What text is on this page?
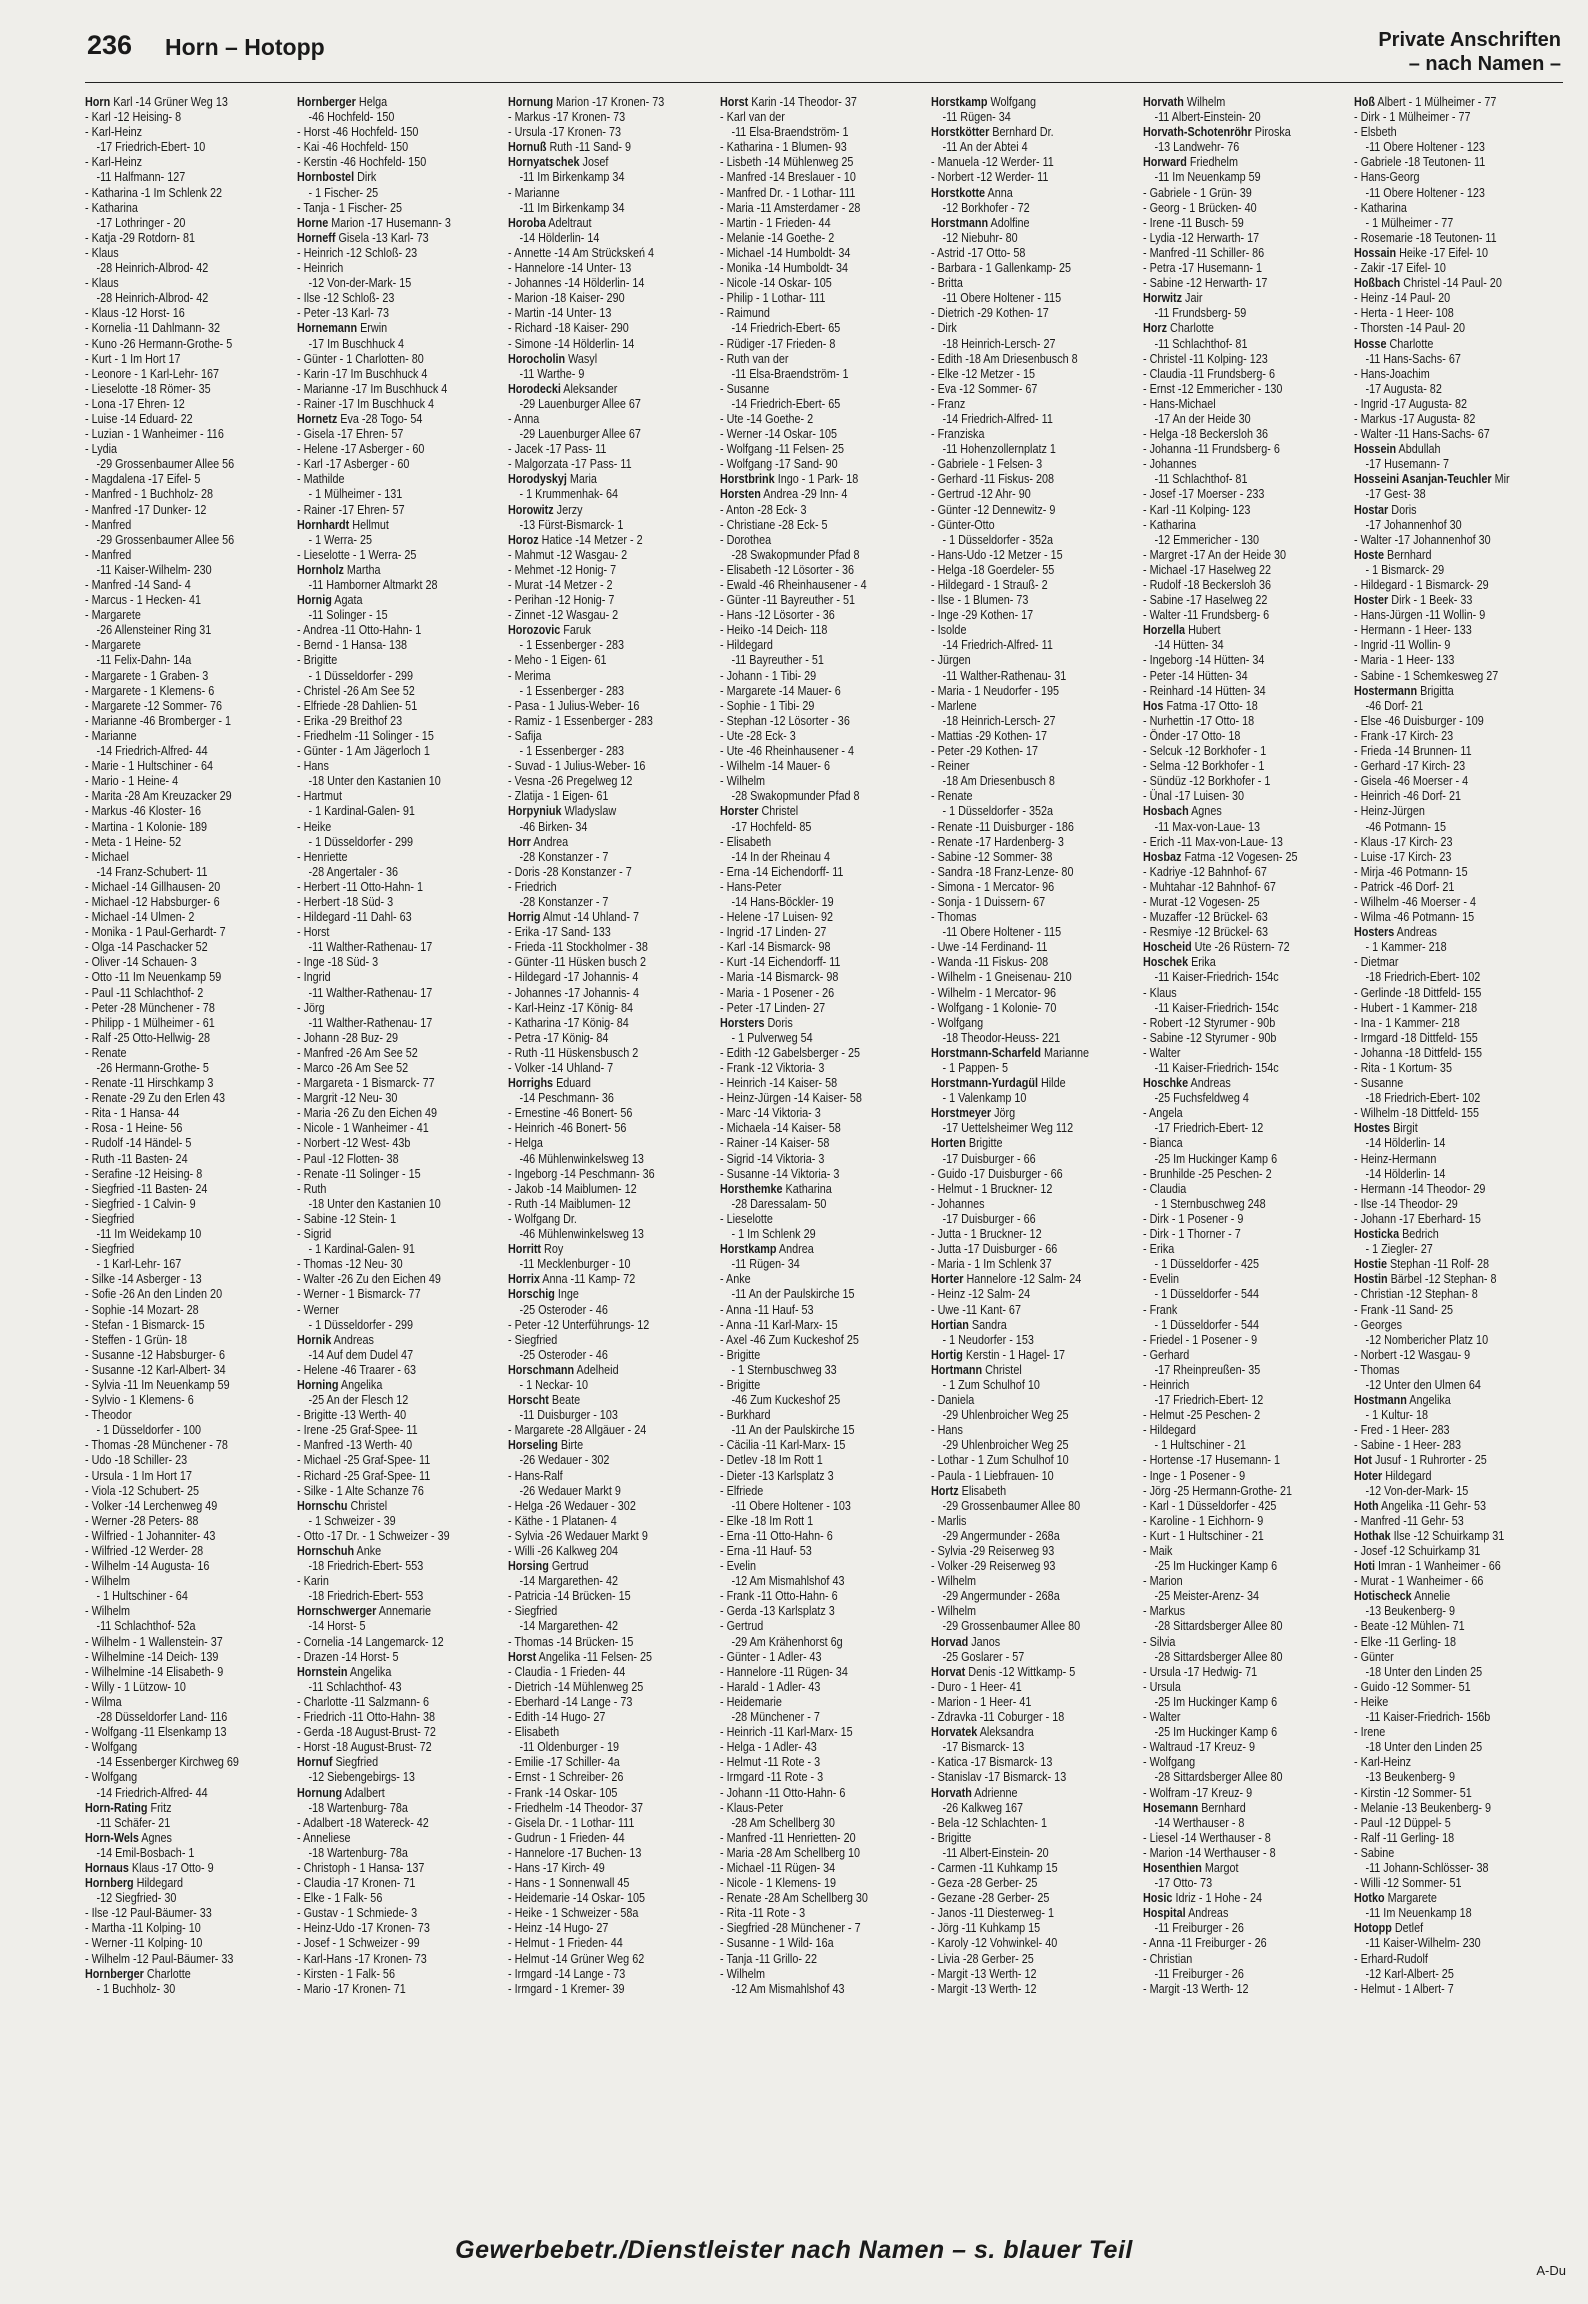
236 Horn – Hotopp	Private Anschriften
– nach Namen –
Horn Karl -14 Grüner Weg 13
- Karl -12 Heising- 8
- Karl-Heinz
-17 Friedrich-Ebert- 10
- Karl-Heinz
-11 Halfmann- 127
- Katharina -1 Im Schlenk 22
- Katharina
-17 Lothringer - 20
- Katja -29 Rotdorn- 81
- Klaus
-28 Heinrich-Albrod- 42
- Klaus
-28 Heinrich-Albrod- 42
- Klaus -12 Horst- 16
- Kornelia -11 Dahlmann- 32
- Kuno -26 Hermann-Grothe- 5
- Kurt - 1 Im Hort 17
- Leonore - 1 Karl-Lehr- 167
- Lieselotte -18 Römer- 35
- Lona -17 Ehren- 12
- Luise -14 Eduard- 22
- Luzian - 1 Wanheimer - 116
- Lydia
-29 Grossenbaumer Allee 56
- Magdalena -17 Eifel- 5
- Manfred - 1 Buchholz- 28
- Manfred -17 Dunker- 12
- Manfred
-29 Grossenbaumer Allee 56
- Manfred
-11 Kaiser-Wilhelm- 230
- Manfred -14 Sand- 4
- Marcus - 1 Hecken- 41
- Margarete
-26 Allensteiner Ring 31
- Margarete
-11 Felix-Dahn- 14a
- Margarete - 1 Graben- 3
- Margarete - 1 Klemens- 6
- Margarete -12 Sommer- 76
- Marianne -46 Bromberger - 1
- Marianne
-14 Friedrich-Alfred- 44
- Marie - 1 Hultschiner - 64
- Mario - 1 Heine- 4
- Marita -28 Am Kreuzacker 29
- Markus -46 Kloster- 16
- Martina - 1 Kolonie- 189
- Meta - 1 Heine- 52
- Michael
-14 Franz-Schubert- 11
- Michael -14 Gillhausen- 20
- Michael -12 Habsburger- 6
- Michael -14 Ulmen- 2
- Monika - 1 Paul-Gerhardt- 7
- Olga -14 Paschacker 52
- Oliver -14 Schauen- 3
- Otto -11 Im Neuenkamp 59
- Paul -11 Schlachthof- 2
- Peter -28 Münchener - 78
- Philipp - 1 Mülheimer - 61
- Ralf -25 Otto-Hellwig- 28
- Renate
-26 Hermann-Grothe- 5
- Renate -11 Hirschkamp 3
- Renate -29 Zu den Erlen 43
- Rita - 1 Hansa- 44
- Rosa - 1 Heine- 56
- Rudolf -14 Händel- 5
- Ruth -11 Basten- 24
- Serafine -12 Heising- 8
- Siegfried -11 Basten- 24
- Siegfried - 1 Calvin- 9
- Siegfried
-11 Im Weidekamp 10
- Siegfried
- 1 Karl-Lehr- 167
- Silke -14 Asberger - 13
- Sofie -26 An den Linden 20
- Sophie -14 Mozart- 28
- Stefan - 1 Bismarck- 15
- Steffen - 1 Grün- 18
- Susanne -12 Habsburger- 6
- Susanne -12 Karl-Albert- 34
- Sylvia -11 Im Neuenkamp 59
- Sylvio - 1 Klemens- 6
- Theodor
- 1 Düsseldorfer - 100
- Thomas -28 Münchener - 78
- Udo -18 Schiller- 23
- Ursula - 1 Im Hort 17
- Viola -12 Schubert- 25
- Volker -14 Lerchenweg 49
- Werner -28 Peters- 88
- Wilfried - 1 Johanniter- 43
- Wilfried -12 Werder- 28
- Wilhelm -14 Augusta- 16
- Wilhelm
- 1 Hultschiner - 64
- Wilhelm
-11 Schlachthof- 52a
- Wilhelm - 1 Wallenstein- 37
- Wilhelmine -14 Deich- 139
- Wilhelmine -14 Elisabeth- 9
- Willy - 1 Lützow- 10
- Wilma
-28 Düsseldorfer Land- 116
- Wolfgang -11 Elsenkamp 13
- Wolfgang
-14 Essenberger Kirchweg 69
- Wolfgang
-14 Friedrich-Alfred- 44
Horn-Rating Fritz
-11 Schäfer- 21
Horn-Wels Agnes
-14 Emil-Bosbach- 1
Hornaus Klaus -17 Otto- 9
Hornberg Hildegard
-12 Siegfried- 30
- Ilse -12 Paul-Bäumer- 33
- Martha -11 Kolping- 10
- Werner -11 Kolping- 10
- Wilhelm -12 Paul-Bäumer- 33
Hornberger Charlotte
- 1 Buchholz- 30
Hornberger Helga
-46 Hochfeld- 150
- Horst -46 Hochfeld- 150
- Kai -46 Hochfeld- 150
- Kerstin -46 Hochfeld- 150
Hornbostel Dirk
- 1 Fischer- 25
- Tanja - 1 Fischer- 25
Horne Marion -17 Husemann- 3
Horneff Gisela -13 Karl- 73
- Heinrich -12 Schloß- 23
- Heinrich
-12 Von-der-Mark- 15
- Ilse -12 Schloß- 23
- Peter -13 Karl- 73
Hornemann Erwin
-17 Im Buschhuck 4
- Günter - 1 Charlotten- 80
- Karin -17 Im Buschhuck 4
- Marianne -17 Im Buschhuck 4
- Rainer -17 Im Buschhuck 4
Hornetz Eva -28 Togo- 54
- Gisela -17 Ehren- 57
- Helene -17 Asberger - 60
- Karl -17 Asberger - 60
- Mathilde
- 1 Mülheimer - 131
- Rainer -17 Ehren- 57
Hornhardt Hellmut
- 1 Werra- 25
- Lieselotte - 1 Werra- 25
Hornholz Martha
-11 Hamborner Altmarkt 28
Hornig Agata
-11 Solinger - 15
- Andrea -11 Otto-Hahn- 1
- Bernd - 1 Hansa- 138
- Brigitte
- 1 Düsseldorfer - 299
- Christel -26 Am See 52
- Elfriede -28 Dahlien- 51
- Erika -29 Breithof 23
- Friedhelm -11 Solinger - 15
- Günter - 1 Am Jägerloch 1
- Hans
-18 Unter den Kastanien 10
- Hartmut
- 1 Kardinal-Galen- 91
- Heike
- 1 Düsseldorfer - 299
- Henriette
-28 Angertaler - 36
- Herbert -11 Otto-Hahn- 1
- Herbert -18 Süd- 3
- Hildegard -11 Dahl- 63
- Horst
-11 Walther-Rathenau- 17
- Inge -18 Süd- 3
- Ingrid
-11 Walther-Rathenau- 17
- Jörg
-11 Walther-Rathenau- 17
- Johann -28 Buz- 29
- Manfred -26 Am See 52
- Marco -26 Am See 52
- Margareta - 1 Bismarck- 77
- Margrit -12 Neu- 30
- Maria -26 Zu den Eichen 49
- Nicole - 1 Wanheimer - 41
- Norbert -12 West- 43b
- Paul -12 Flotten- 38
- Renate -11 Solinger - 15
- Ruth
-18 Unter den Kastanien 10
- Sabine -12 Stein- 1
- Sigrid
- 1 Kardinal-Galen- 91
- Thomas -12 Neu- 30
- Walter -26 Zu den Eichen 49
- Werner - 1 Bismarck- 77
- Werner
- 1 Düsseldorfer - 299
Hornik Andreas
-14 Auf dem Dudel 47
- Helene -46 Traarer - 63
Horning Angelika
-25 An der Flesch 12
- Brigitte -13 Werth- 40
- Irene -25 Graf-Spee- 11
- Manfred -13 Werth- 40
- Michael -25 Graf-Spee- 11
- Richard -25 Graf-Spee- 11
- Silke - 1 Alte Schanze 76
Hornschu Christel
- 1 Schweizer - 39
- Otto -17 Dr. - 1 Schweizer - 39
Hornschuh Anke
-18 Friedrich-Ebert- 553
- Karin
-18 Friedrich-Ebert- 553
Hornschwerger Annemarie
-14 Horst- 5
- Cornelia -14 Langemarck- 12
- Drazen -14 Horst- 5
Hornstein Angelika
-11 Schlachthof- 43
- Charlotte -11 Salzmann- 6
- Friedrich -11 Otto-Hahn- 38
- Gerda -18 August-Brust- 72
- Horst -18 August-Brust- 72
Hornuf Siegfried
-12 Siebengebirgs- 13
Hornung Adalbert
-18 Wartenburg- 78a
- Adalbert -18 Watereck- 42
- Anneliese
-18 Wartenburg- 78a
- Christoph - 1 Hansa- 137
- Claudia -17 Kronen- 71
- Elke - 1 Falk- 56
- Gustav - 1 Schmiede- 3
- Heinz-Udo -17 Kronen- 73
- Josef - 1 Schweizer - 99
- Karl-Hans -17 Kronen- 73
- Kirsten - 1 Falk- 56
- Mario -17 Kronen- 71
Hornung Marion -17 Kronen- 73
- Markus -17 Kronen- 73
- Ursula -17 Kronen- 73
Hornuß Ruth -11 Sand- 9
Hornyatschek Josef
-11 Im Birkenkamp 34
- Marianne
-11 Im Birkenkamp 34
Horoba Adeltraut
-14 Hölderlin- 14
- Annette -14 Am Strückskeń 4
- Hannelore -14 Unter- 13
- Johannes -14 Hölderlin- 14
- Marion -18 Kaiser- 290
- Martin -14 Unter- 13
- Richard -18 Kaiser- 290
- Simone -14 Hölderlin- 14
Horocholin Wasyl
-11 Warthe- 9
Horodecki Aleksander
-29 Lauenburger Allee 67
- Anna
-29 Lauenburger Allee 67
- Jacek -17 Pass- 11
- Malgorzata -17 Pass- 11
Horodyskyj Maria
- 1 Krummenhak- 64
Horowitz Jerzy
-13 Fürst-Bismarck- 1
Horoz Hatice -14 Metzer - 2
- Mahmut -12 Wasgau- 2
- Mehmet -12 Honig- 7
- Murat -14 Metzer - 2
- Perihan -12 Honig- 7
- Zinnet -12 Wasgau- 2
Horozovic Faruk
- 1 Essenberger - 283
- Meho - 1 Eigen- 61
- Merima
- 1 Essenberger - 283
- Pasa - 1 Julius-Weber- 16
- Ramiz - 1 Essenberger - 283
- Safija
- 1 Essenberger - 283
- Suvad - 1 Julius-Weber- 16
- Vesna -26 Pregelweg 12
- Zlatija - 1 Eigen- 61
Horpyniuk Wladyslaw
-46 Birken- 34
Horr Andrea
-28 Konstanzer - 7
- Doris -28 Konstanzer - 7
- Friedrich
-28 Konstanzer - 7
Horrig Almut -14 Uhland- 7
- Erika -17 Sand- 133
- Frieda -11 Stockholmer - 38
- Günter -11 Hüsken busch 2
- Hildegard -17 Johannis- 4
- Johannes -17 Johannis- 4
- Karl-Heinz -17 König- 84
- Katharina -17 König- 84
- Petra -17 König- 84
- Ruth -11 Hüskensbusch 2
- Volker -14 Uhland- 7
Horrighs Eduard
-14 Peschmann- 36
- Ernestine -46 Bonert- 56
- Heinrich -46 Bonert- 56
- Helga
-46 Mühlenwinkelsweg 13
- Ingeborg -14 Peschmann- 36
- Jakob -14 Maiblumen- 12
- Ruth -14 Maiblumen- 12
- Wolfgang Dr.
-46 Mühlenwinkelsweg 13
Horritt Roy
-11 Mecklenburger - 10
Horrix Anna -11 Kamp- 72
Horschig Inge
-25 Osteroder - 46
- Peter -12 Unterführungs- 12
- Siegfried
-25 Osteroder - 46
Horschmann Adelheid
- 1 Neckar- 10
Horscht Beate
-11 Duisburger - 103
- Margarete -28 Allgäuer - 24
Horseling Birte
-26 Wedauer - 302
- Hans-Ralf
-26 Wedauer Markt 9
- Helga -26 Wedauer - 302
- Käthe - 1 Platanen- 4
- Sylvia -26 Wedauer Markt 9
- Willi -26 Kalkweg 204
Horsing Gertrud
-14 Margarethen- 42
- Patricia -14 Brücken- 15
- Siegfried
-14 Margarethen- 42
- Thomas -14 Brücken- 15
Horst Angelika -11 Felsen- 25
- Claudia - 1 Frieden- 44
- Dietrich -14 Mühlenweg 25
- Eberhard -14 Lange - 73
- Edith -14 Hugo- 27
- Elisabeth
-11 Oldenburger - 19
- Emilie -17 Schiller- 4a
- Ernst - 1 Schreiber- 26
- Frank -14 Oskar- 105
- Friedhelm -14 Theodor- 37
- Gisela Dr. - 1 Lothar- 111
- Gudrun - 1 Frieden- 44
- Hannelore -17 Buchen- 13
- Hans -17 Kirch- 49
- Hans - 1 Sonnenwall 45
- Heidemarie -14 Oskar- 105
- Heike - 1 Schweizer - 58a
- Heinz -14 Hugo- 27
- Helmut - 1 Frieden- 44
- Helmut -14 Grüner Weg 62
- Irmgard -14 Lange - 73
- Irmgard - 1 Kremer- 39
Horst Karin -14 Theodor- 37
- Karl van der
-11 Elsa-Braendström- 1
- Katharina - 1 Blumen- 93
- Lisbeth -14 Mühlenweg 25
- Manfred -14 Breslauer - 10
- Manfred Dr. - 1 Lothar- 111
- Maria -11 Amsterdamer - 28
- Martin - 1 Frieden- 44
- Melanie -14 Goethe- 2
- Michael -14 Humboldt- 34
- Monika -14 Humboldt- 34
- Nicole -14 Oskar- 105
- Philip - 1 Lothar- 111
- Raimund
-14 Friedrich-Ebert- 65
- Rüdiger -17 Frieden- 8
- Ruth van der
-11 Elsa-Braendström- 1
- Susanne
-14 Friedrich-Ebert- 65
- Ute -14 Goethe- 2
- Werner -14 Oskar- 105
- Wolfgang -11 Felsen- 25
- Wolfgang -17 Sand- 90
Horstbrink Ingo - 1 Park- 18
Horsten Andrea -29 Inn- 4
- Anton -28 Eck- 3
- Christiane -28 Eck- 5
- Dorothea
-28 Swakopmunder Pfad 8
- Elisabeth -12 Lösorter - 36
- Ewald -46 Rheinhausener - 4
- Günter -11 Bayreuther - 51
- Hans -12 Lösorter - 36
- Heiko -14 Deich- 118
- Hildegard
-11 Bayreuther - 51
- Johann - 1 Tibi- 29
- Margarete -14 Mauer- 6
- Sophie - 1 Tibi- 29
- Stephan -12 Lösorter - 36
- Ute -28 Eck- 3
- Ute -46 Rheinhausener - 4
- Wilhelm -14 Mauer- 6
- Wilhelm
-28 Swakopmunder Pfad 8
Horster Christel
-17 Hochfeld- 85
- Elisabeth
-14 In der Rheinau 4
- Erna -14 Eichendorff- 11
- Hans-Peter
-14 Hans-Böckler- 19
- Helene -17 Luisen- 92
- Ingrid -17 Linden- 27
- Karl -14 Bismarck- 98
- Kurt -14 Eichendorff- 11
- Maria -14 Bismarck- 98
- Maria - 1 Posener - 26
- Peter -17 Linden- 27
Horsters Doris
- 1 Pulverweg 54
- Edith -12 Gabelsberger - 25
- Frank -12 Viktoria- 3
- Heinrich -14 Kaiser- 58
- Heinz-Jürgen -14 Kaiser- 58
- Marc -14 Viktoria- 3
- Michaela -14 Kaiser- 58
- Rainer -14 Kaiser- 58
- Sigrid -14 Viktoria- 3
- Susanne -14 Viktoria- 3
Horsthemke Katharina
-28 Daressalam- 50
- Lieselotte
- 1 Im Schlenk 29
Horstkamp Andrea
-11 Rügen- 34
- Anke
-11 An der Paulskirche 15
- Anna -11 Hauf- 53
- Anna -11 Karl-Marx- 15
- Axel -46 Zum Kuckeshof 25
- Brigitte
- 1 Sternbuschweg 33
- Brigitte
-46 Zum Kuckeshof 25
- Burkhard
-11 An der Paulskirche 15
- Cäcilia -11 Karl-Marx- 15
- Detlev -18 Im Rott 1
- Dieter -13 Karlsplatz 3
- Elfriede
-11 Obere Holtener - 103
- Elke -18 Im Rott 1
- Erna -11 Otto-Hahn- 6
- Erna -11 Hauf- 53
- Evelin
-12 Am Mismahlshof 43
- Frank -11 Otto-Hahn- 6
- Gerda -13 Karlsplatz 3
- Gertrud
-29 Am Krähenhorst 6g
- Günter - 1 Adler- 43
- Hannelore -11 Rügen- 34
- Harald - 1 Adler- 43
- Heidemarie
-28 Münchener - 7
- Heinrich -11 Karl-Marx- 15
- Helga - 1 Adler- 43
- Helmut -11 Rote - 3
- Irmgard -11 Rote - 3
- Johann -11 Otto-Hahn- 6
- Klaus-Peter
-28 Am Schellberg 30
- Manfred -11 Henrietten- 20
- Maria -28 Am Schellberg 10
- Michael -11 Rügen- 34
- Nicole - 1 Klemens- 19
- Renate -28 Am Schellberg 30
- Rita -11 Rote - 3
- Siegfried -28 Münchener - 7
- Susanne - 1 Wild- 16a
- Tanja -11 Grillo- 22
- Wilhelm
-12 Am Mismahlshof 43
Horstkamp Wolfgang
-11 Rügen- 34
Horstkötter Bernhard Dr.
-11 An der Abtei 4
- Manuela -12 Werder- 11
- Norbert -12 Werder- 11
Horstkotte Anna
-12 Borkhofer - 72
Horstmann Adolfine
-12 Niebuhr- 80
- Astrid -17 Otto- 58
- Barbara - 1 Gallenkamp- 25
- Britta
-11 Obere Holtener - 115
- Dietrich -29 Kothen- 17
- Dirk
-18 Heinrich-Lersch- 27
- Edith -18 Am Driesenbusch 8
- Elke -12 Metzer - 15
- Eva -12 Sommer- 67
- Franz
-14 Friedrich-Alfred- 11
- Franziska
-11 Hohenzollernplatz 1
- Gabriele - 1 Felsen- 3
- Gerhard -11 Fiskus- 208
- Gertrud -12 Ahr- 90
- Günter -12 Dennewitz- 9
- Günter-Otto
- 1 Düsseldorfer - 352a
- Hans-Udo -12 Metzer - 15
- Helga -18 Goerdeler- 55
- Hildegard - 1 Strauß- 2
- Ilse - 1 Blumen- 73
- Inge -29 Kothen- 17
- Isolde
-14 Friedrich-Alfred- 11
- Jürgen
-11 Walther-Rathenau- 31
- Maria - 1 Neudorfer - 195
- Marlene
-18 Heinrich-Lersch- 27
- Mattias -29 Kothen- 17
- Peter -29 Kothen- 17
- Reiner
-18 Am Driesenbusch 8
- Renate
- 1 Düsseldorfer - 352a
- Renate -11 Duisburger - 186
- Renate -17 Hardenberg- 3
- Sabine -12 Sommer- 38
- Sandra -18 Franz-Lenze- 80
- Simona - 1 Mercator- 96
- Sonja - 1 Duissern- 67
- Thomas
-11 Obere Holtener - 115
- Uwe -14 Ferdinand- 11
- Wanda -11 Fiskus- 208
- Wilhelm - 1 Gneisenau- 210
- Wilhelm - 1 Mercator- 96
- Wolfgang - 1 Kolonie- 70
- Wolfgang
-18 Theodor-Heuss- 221
Horstmann-Scharfeld Marianne
- 1 Pappen- 5
Horstmann-Yurdagül Hilde
- 1 Valenkamp 10
Horstmeyer Jörg
-17 Uettelsheimer Weg 112
Horten Brigitte
-17 Duisburger - 66
- Guido -17 Duisburger - 66
- Helmut - 1 Bruckner- 12
- Johannes
-17 Duisburger - 66
- Jutta - 1 Bruckner- 12
- Jutta -17 Duisburger - 66
- Maria - 1 Im Schlenk 37
Horter Hannelore -12 Salm- 24
- Heinz -12 Salm- 24
- Uwe -11 Kant- 67
Hortian Sandra
- 1 Neudorfer - 153
Hortig Kerstin - 1 Hagel- 17
Hortmann Christel
- 1 Zum Schulhof 10
- Daniela
-29 Uhlenbroicher Weg 25
- Hans
-29 Uhlenbroicher Weg 25
- Lothar - 1 Zum Schulhof 10
- Paula - 1 Liebfrauen- 10
Hortz Elisabeth
-29 Grossenbaumer Allee 80
- Marlis
-29 Angermunder - 268a
- Sylvia -29 Reiserweg 93
- Volker -29 Reiserweg 93
- Wilhelm
-29 Angermunder - 268a
- Wilhelm
-29 Grossenbaumer Allee 80
Horvad Janos
-25 Goslarer - 57
Horvat Denis -12 Wittkamp- 5
- Duro - 1 Heer- 41
- Marion - 1 Heer- 41
- Zdravka -11 Coburger - 18
Horvatek Aleksandra
-17 Bismarck- 13
- Katica -17 Bismarck- 13
- Stanislav -17 Bismarck- 13
Horvath Adrienne
-26 Kalkweg 167
- Bela -12 Schlachten- 1
- Brigitte
-11 Albert-Einstein- 20
- Carmen -11 Kuhkamp 15
- Geza -28 Gerber- 25
- Gezane -28 Gerber- 25
- Janos -11 Diesterweg- 1
- Jörg -11 Kuhkamp 15
- Karoly -12 Vohwinkel- 40
- Livia -28 Gerber- 25
- Margit -13 Werth- 12
- Margit -13 Werth- 12
Horvath Wilhelm
-11 Albert-Einstein- 20
Horvath-Schotenröhr Piroska
-13 Landwehr- 76
Horward Friedhelm
-11 Im Neuenkamp 59
- Gabriele - 1 Grün- 39
- Georg - 1 Brücken- 40
- Irene -11 Busch- 59
- Lydia -12 Herwarth- 17
- Manfred -11 Schiller- 86
- Petra -17 Husemann- 1
- Sabine -12 Herwarth- 17
Horwitz Jair
-11 Frundsberg- 59
Horz Charlotte
-11 Schlachthof- 81
- Christel -11 Kolping- 123
- Claudia -11 Frundsberg- 6
- Ernst -12 Emmericher - 130
- Hans-Michael
-17 An der Heide 30
- Helga -18 Beckersloh 36
- Johanna -11 Frundsberg- 6
- Johannes
-11 Schlachthof- 81
- Josef -17 Moerser - 233
- Karl -11 Kolping- 123
- Katharina
-12 Emmericher - 130
- Margret -17 An der Heide 30
- Michael -17 Haselweg 22
- Rudolf -18 Beckersloh 36
- Sabine -17 Haselweg 22
- Walter -11 Frundsberg- 6
Horzella Hubert
-14 Hütten- 34
- Ingeborg -14 Hütten- 34
- Peter -14 Hütten- 34
- Reinhard -14 Hütten- 34
Hos Fatma -17 Otto- 18
- Nurhettin -17 Otto- 18
- Önder -17 Otto- 18
- Selcuk -12 Borkhofer - 1
- Selma -12 Borkhofer - 1
- Sündüz -12 Borkhofer - 1
- Ünal -17 Luisen- 30
Hosbach Agnes
-11 Max-von-Laue- 13
- Erich -11 Max-von-Laue- 13
Hosbaz Fatma -12 Vogesen- 25
- Kadriye -12 Bahnhof- 67
- Muhtahar -12 Bahnhof- 67
- Murat -12 Vogesen- 25
- Muzaffer -12 Brückel- 63
- Resmiye -12 Brückel- 63
Hoscheid Ute -26 Rüstern- 72
Hoschek Erika
-11 Kaiser-Friedrich- 154c
- Klaus
-11 Kaiser-Friedrich- 154c
- Robert -12 Styrumer - 90b
- Sabine -12 Styrumer - 90b
- Walter
-11 Kaiser-Friedrich- 154c
Hoschke Andreas
-25 Fuchsfeldweg 4
- Angela
-17 Friedrich-Ebert- 12
- Bianca
-25 Im Huckinger Kamp 6
- Brunhilde -25 Peschen- 2
- Claudia
- 1 Sternbuschweg 248
- Dirk - 1 Posener - 9
- Dirk - 1 Thorner - 7
- Erika
- 1 Düsseldorfer - 425
- Evelin
- 1 Düsseldorfer - 544
- Frank
- 1 Düsseldorfer - 544
- Friedel - 1 Posener - 9
- Gerhard
-17 Rheinpreußen- 35
- Heinrich
-17 Friedrich-Ebert- 12
- Helmut -25 Peschen- 2
- Hildegard
- 1 Hultschiner - 21
- Hortense -17 Husemann- 1
- Inge - 1 Posener - 9
- Jörg -25 Hermann-Grothe- 21
- Karl - 1 Düsseldorfer - 425
- Karoline - 1 Eichhorn- 9
- Kurt - 1 Hultschiner - 21
- Maik
-25 Im Huckinger Kamp 6
- Marion
-25 Meister-Arenz- 34
- Markus
-28 Sittardsberger Allee 80
- Silvia
-28 Sittardsberger Allee 80
- Ursula -17 Hedwig- 71
- Ursula
-25 Im Huckinger Kamp 6
- Walter
-25 Im Huckinger Kamp 6
- Waltraud -17 Kreuz- 9
- Wolfgang
-28 Sittardsberger Allee 80
- Wolfram -17 Kreuz- 9
Hosemann Bernhard
-14 Werthauser - 8
- Liesel -14 Werthauser - 8
- Marion -14 Werthauser - 8
Hosenthien Margot
-17 Otto- 73
Hosic Idriz - 1 Hohe - 24
Hospital Andreas
-11 Freiburger - 26
- Anna -11 Freiburger - 26
- Christian
-11 Freiburger - 26
- Margit -13 Werth- 12
Hoß Albert - 1 Mülheimer - 77
- Dirk - 1 Mülheimer - 77
- Elsbeth
-11 Obere Holtener - 123
- Gabriele -18 Teutonen- 11
- Hans-Georg
-11 Obere Holtener - 123
- Katharina
- 1 Mülheimer - 77
- Rosemarie -18 Teutonen- 11
Hossain Heike -17 Eifel- 10
- Zakir -17 Eifel- 10
Hoßbach Christel -14 Paul- 20
- Heinz -14 Paul- 20
- Herta - 1 Heer- 108
- Thorsten -14 Paul- 20
Hosse Charlotte
-11 Hans-Sachs- 67
- Hans-Joachim
-17 Augusta- 82
- Ingrid -17 Augusta- 82
- Markus -17 Augusta- 82
- Walter -11 Hans-Sachs- 67
Hossein Abdullah
-17 Husemann- 7
Hosseini Asanjan-Teuchler Mir
-17 Gest- 38
Hostar Doris
-17 Johannenhof 30
- Walter -17 Johannenhof 30
Hoste Bernhard
- 1 Bismarck- 29
- Hildegard - 1 Bismarck- 29
Hoster Dirk - 1 Beek- 33
- Hans-Jürgen -11 Wollin- 9
- Hermann - 1 Heer- 133
- Ingrid -11 Wollin- 9
- Maria - 1 Heer- 133
- Sabine - 1 Schemkesweg 27
Hostermann Brigitta
-46 Dorf- 21
- Else -46 Duisburger - 109
- Frank -17 Kirch- 23
- Frieda -14 Brunnen- 11
- Gerhard -17 Kirch- 23
- Gisela -46 Moerser - 4
- Heinrich -46 Dorf- 21
- Heinz-Jürgen
-46 Potmann- 15
- Klaus -17 Kirch- 23
- Luise -17 Kirch- 23
- Mirja -46 Potmann- 15
- Patrick -46 Dorf- 21
- Wilhelm -46 Moerser - 4
- Wilma -46 Potmann- 15
Hosters Andreas
- 1 Kammer- 218
- Dietmar
-18 Friedrich-Ebert- 102
- Gerlinde -18 Dittfeld- 155
- Hubert - 1 Kammer- 218
- Ina - 1 Kammer- 218
- Irmgard -18 Dittfeld- 155
- Johanna -18 Dittfeld- 155
- Rita - 1 Kortum- 35
- Susanne
-18 Friedrich-Ebert- 102
- Wilhelm -18 Dittfeld- 155
Hostes Birgit
-14 Hölderlin- 14
- Heinz-Hermann
-14 Hölderlin- 14
- Hermann -14 Theodor- 29
- Ilse -14 Theodor- 29
- Johann -17 Eberhard- 15
Hosticka Bedrich
- 1 Ziegler- 27
Hostie Stephan -11 Rolf- 28
Hostin Bärbel -12 Stephan- 8
- Christian -12 Stephan- 8
- Frank -11 Sand- 25
- Georges
-12 Nombericher Platz 10
- Norbert -12 Wasgau- 9
- Thomas
-12 Unter den Ulmen 64
Hostmann Angelika
- 1 Kultur- 18
- Fred - 1 Heer- 283
- Sabine - 1 Heer- 283
Hot Jusuf - 1 Ruhrorter - 25
Hoter Hildegard
-12 Von-der-Mark- 15
Hoth Angelika -11 Gehr- 53
- Manfred -11 Gehr- 53
Hothak Ilse -12 Schuirkamp 31
- Josef -12 Schuirkamp 31
Hoti Imran - 1 Wanheimer - 66
- Murat - 1 Wanheimer - 66
Hotischeck Annelie
-13 Beukenberg- 9
- Beate -12 Mühlen- 71
- Elke -11 Gerling- 18
- Günter
-18 Unter den Linden 25
- Guido -12 Sommer- 51
- Heike
-11 Kaiser-Friedrich- 156b
- Irene
-18 Unter den Linden 25
- Karl-Heinz
-13 Beukenberg- 9
- Kirstin -12 Sommer- 51
- Melanie -13 Beukenberg- 9
- Paul -12 Düppel- 5
- Ralf -11 Gerling- 18
- Sabine
-11 Johann-Schlösser- 38
- Willi -12 Sommer- 51
Hotko Margarete
-11 Im Neuenkamp 18
Hotopp Detlef
-11 Kaiser-Wilhelm- 230
- Erhard-Rudolf
-12 Karl-Albert- 25
- Helmut - 1 Albert- 7
Gewerbebetr./Dienstleister nach Namen – s. blauer Teil
A-Du
